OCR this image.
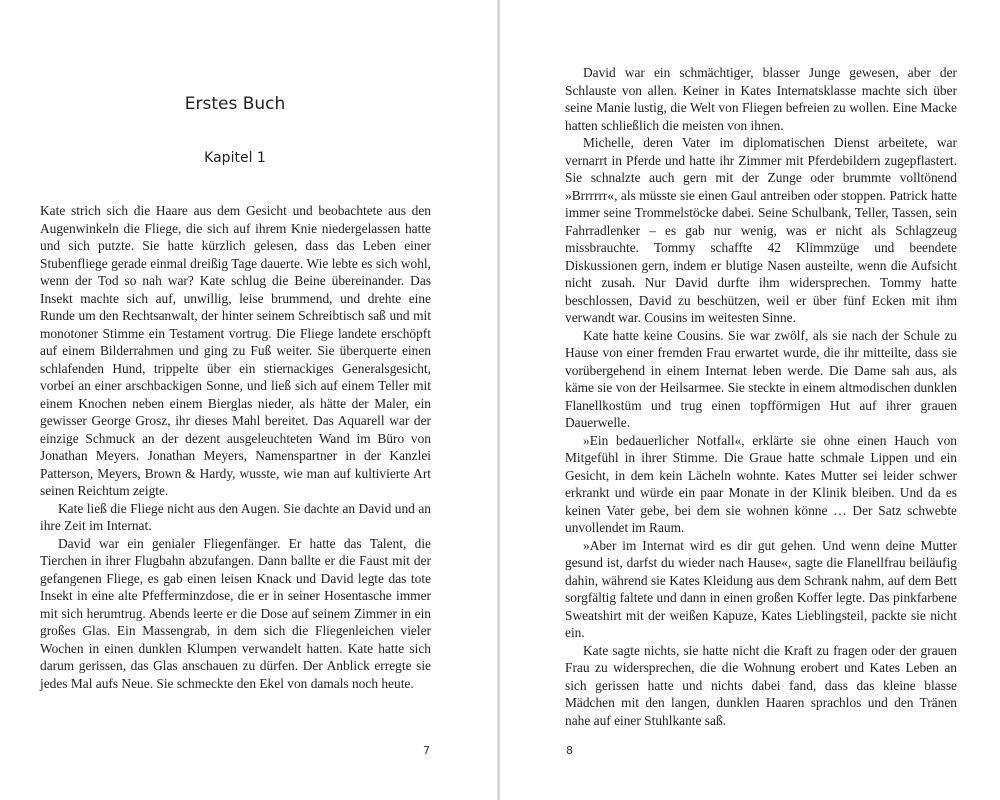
Erstes Buch
Kapitel 1

Kate strich sich die Haare aus dem Gesicht und beobachtete aus den Augenwinkeln die Fliege, die sich auf ihrem Knie niedergelassen hatte und sich putzte. Sie hatte kürzlich gelesen, dass das Leben einer Stubenfliege gerade einmal dreißig Tage dauerte. Wie lebte es sich wohl, wenn der Tod so nah war? Kate schlug die Beine übereinander. Das Insekt machte sich auf, unwillig, leise brummend, und drehte eine Runde um den Rechtsanwalt, der hinter seinem Schreibtisch saß und mit monotoner Stimme ein Testament vortrug. Die Fliege landete erschöpft auf einem Bilderrahmen und ging zu Fuß weiter. Sie überquerte einen schlafenden Hund, trippelte über ein stiernackiges Generalsgesicht, vorbei an einer arschbackigen Sonne, und ließ sich auf einem Teller mit einem Knochen neben einem Bierglas nieder, als hätte der Maler, ein gewisser George Grosz, ihr dieses Mahl bereitet. Das Aquarell war der einzige Schmuck an der dezent ausgeleuchteten Wand im Büro von Jonathan Meyers. Jonathan Meyers, Namenspartner in der Kanzlei Patterson, Meyers, Brown & Hardy, wusste, wie man auf kultivierte Art seinen Reichtum zeigte.

Kate ließ die Fliege nicht aus den Augen. Sie dachte an David und an ihre Zeit im Internat.

David war ein genialer Fliegenfänger. Er hatte das Talent, die Tierchen in ihrer Flugbahn abzufangen. Dann ballte er die Faust mit der gefangenen Fliege, es gab einen leisen Knack und David legte das tote Insekt in eine alte Pfefferminzdose, die er in seiner Hosentasche immer mit sich herumtrug. Abends leerte er die Dose auf seinem Zimmer in ein großes Glas. Ein Massengrab, in dem sich die Fliegenleichen vieler Wochen in einen dunklen Klumpen verwandelt hatten. Kate hatte sich darum gerissen, das Glas anschauen zu dürfen. Der Anblick erregte sie jedes Mal aufs Neue. Sie schmeckte den Ekel von damals noch heute.

7

David war ein schmächtiger, blasser Junge gewesen, aber der Schlauste von allen. Keiner in Kates Internatsklasse machte sich über seine Manie lustig, die Welt von Fliegen befreien zu wollen. Eine Macke hatten schließlich die meisten von ihnen.

Michelle, deren Vater im diplomatischen Dienst arbeitete, war vernarrt in Pferde und hatte ihr Zimmer mit Pferdebildern zugepflastert. Sie schnalzte auch gern mit der Zunge oder brummte volltönend »Brrrrrr«, als müsste sie einen Gaul antreiben oder stoppen. Patrick hatte immer seine Trommelstöcke dabei. Seine Schulbank, Teller, Tassen, sein Fahrradlenker – es gab nur wenig, was er nicht als Schlagzeug missbrauchte. Tommy schaffte 42 Klimmzüge und beendete Diskussionen gern, indem er blutige Nasen austeilte, wenn die Aufsicht nicht zusah. Nur David durfte ihm widersprechen. Tommy hatte beschlossen, David zu beschützen, weil er über fünf Ecken mit ihm verwandt war. Cousins im weitesten Sinne.

Kate hatte keine Cousins. Sie war zwölf, als sie nach der Schule zu Hause von einer fremden Frau erwartet wurde, die ihr mitteilte, dass sie vorübergehend in einem Internat leben werde. Die Dame sah aus, als käme sie von der Heilsarmee. Sie steckte in einem altmodischen dunklen Flanellkostüm und trug einen topfförmigen Hut auf ihrer grauen Dauerwelle.

»Ein bedauerlicher Notfall«, erklärte sie ohne einen Hauch von Mitgefühl in ihrer Stimme. Die Graue hatte schmale Lippen und ein Gesicht, in dem kein Lächeln wohnte. Kates Mutter sei leider schwer erkrankt und würde ein paar Monate in der Klinik bleiben. Und da es keinen Vater gebe, bei dem sie wohnen könne … Der Satz schwebte unvollendet im Raum.

»Aber im Internat wird es dir gut gehen. Und wenn deine Mutter gesund ist, darfst du wieder nach Hause«, sagte die Flanellfrau beiläufig dahin, während sie Kates Kleidung aus dem Schrank nahm, auf dem Bett sorgfältig faltete und dann in einen großen Koffer legte. Das pinkfarbene Sweatshirt mit der weißen Kapuze, Kates Lieblingsteil, packte sie nicht ein.

Kate sagte nichts, sie hatte nicht die Kraft zu fragen oder der grauen Frau zu widersprechen, die die Wohnung erobert und Kates Leben an sich gerissen hatte und nichts dabei fand, dass das kleine blasse Mädchen mit den langen, dunklen Haaren sprachlos und den Tränen nahe auf einer Stuhlkante saß.

8
